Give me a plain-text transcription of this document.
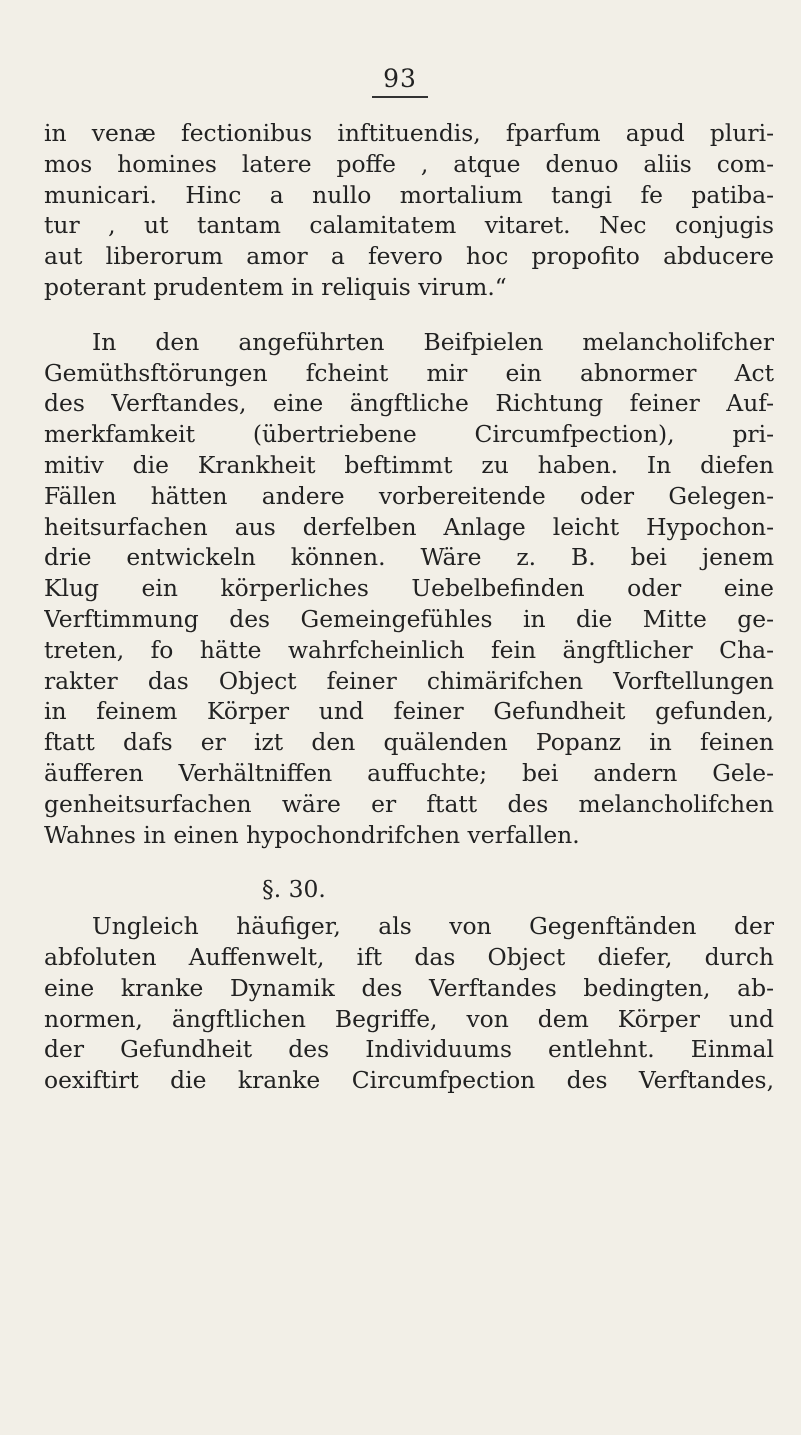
93
in venæ fectionibus inftituendis, fparfum apud pluri-
mos homines latere poffe , atque denuo aliis com-
municari. Hinc a nullo mortalium tangi fe patiba-
tur , ut tantam calamitatem vitaret. Nec conjugis
aut liberorum amor a fevero hoc propofito abducere
poterant prudentem in reliquis virum.“
In den angeführten Beifpielen melancholifcher
Gemüthsftörungen fcheint mir ein abnormer Act
des Verftandes, eine ängftliche Richtung feiner Auf-
merkfamkeit (übertriebene Circumfpection), pri-
mitiv die Krankheit beftimmt zu haben. In diefen
Fällen hätten andere vorbereitende oder Gelegen-
heitsurfachen aus derfelben Anlage leicht Hypochon-
drie entwickeln können. Wäre z. B. bei jenem
Klug ein körperliches Uebelbefinden oder eine
Verftimmung des Gemeingefühles in die Mitte ge-
treten, fo hätte wahrfcheinlich fein ängftlicher Cha-
rakter das Object feiner chimärifchen Vorftellungen
in feinem Körper und feiner Gefundheit gefunden,
ftatt dafs er izt den quälenden Popanz in feinen
äufferen Verhältniffen auffuchte; bei andern Gele-
genheitsurfachen wäre er ftatt des melancholifchen
Wahnes in einen hypochondrifchen verfallen.
§. 30.
Ungleich häufiger, als von Gegenftänden der
abfoluten Auffenwelt, ift das Object diefer, durch
eine kranke Dynamik des Verftandes bedingten, ab-
normen, ängftlichen Begriffe, von dem Körper und
der Gefundheit des Individuums entlehnt. Einmal
oexiftirt die kranke Circumfpection des Verftandes,
